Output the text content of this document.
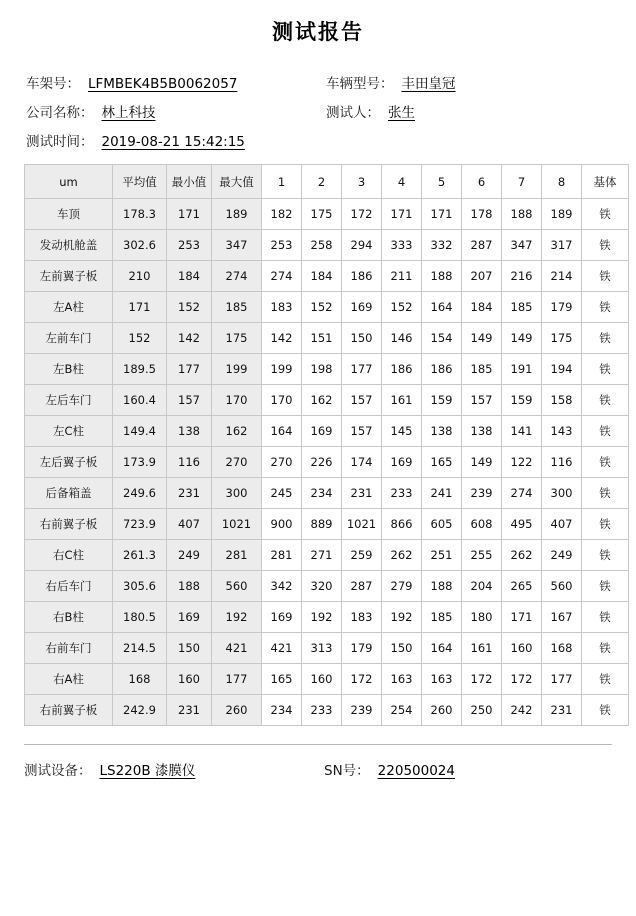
测试报告
车架号： LFMBEK4B5B0062057	车辆型号： 丰田皇冠
公司名称： 林上科技	测试人： 张生
测试时间： 2019-08-21 15:42:15
um	平均值	最小值	最大值	1	2	3	4	5	6	7	8	基体
车顶	178.3	171	189	182	175	172	171	171	178	188	189	铁
发动机舱盖	302.6	253	347	253	258	294	333	332	287	347	317	铁
左前翼子板	210	184	274	274	184	186	211	188	207	216	214	铁
左A柱	171	152	185	183	152	169	152	164	184	185	179	铁
左前车门	152	142	175	142	151	150	146	154	149	149	175	铁
左B柱	189.5	177	199	199	198	177	186	186	185	191	194	铁
左后车门	160.4	157	170	170	162	157	161	159	157	159	158	铁
左C柱	149.4	138	162	164	169	157	145	138	138	141	143	铁
左后翼子板	173.9	116	270	270	226	174	169	165	149	122	116	铁
后备箱盖	249.6	231	300	245	234	231	233	241	239	274	300	铁
右前翼子板	723.9	407	1021	900	889	1021	866	605	608	495	407	铁
右C柱	261.3	249	281	281	271	259	262	251	255	262	249	铁
右后车门	305.6	188	560	342	320	287	279	188	204	265	560	铁
右B柱	180.5	169	192	169	192	183	192	185	180	171	167	铁
右前车门	214.5	150	421	421	313	179	150	164	161	160	168	铁
右A柱	168	160	177	165	160	172	163	163	172	172	177	铁
右前翼子板	242.9	231	260	234	233	239	254	260	250	242	231	铁
测试设备： LS220B 漆膜仪	SN号： 220500024
